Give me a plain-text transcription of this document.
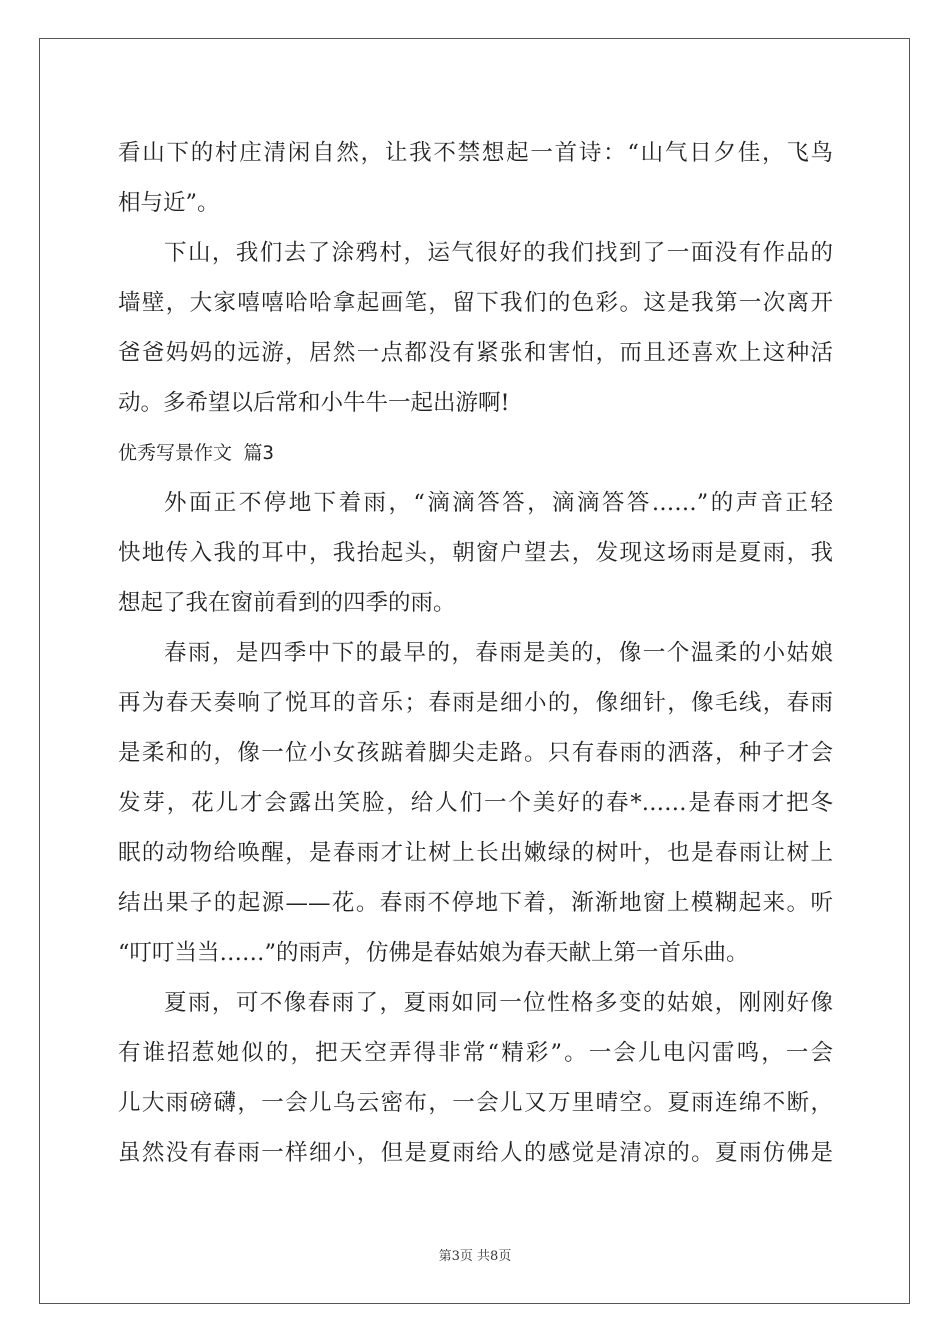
看山下的村庄清闲自然，让我不禁想起一首诗：“山气日夕佳，飞鸟
相与近”。
下山，我们去了涂鸦村，运气很好的我们找到了一面没有作品的
墙壁，大家嘻嘻哈哈拿起画笔，留下我们的色彩。这是我第一次离开
爸爸妈妈的远游，居然一点都没有紧张和害怕，而且还喜欢上这种活
动。多希望以后常和小牛牛一起出游啊!
优秀写景作文 篇3
外面正不停地下着雨，“滴滴答答，滴滴答答……”的声音正轻
快地传入我的耳中，我抬起头，朝窗户望去，发现这场雨是夏雨，我
想起了我在窗前看到的四季的雨。
春雨，是四季中下的最早的，春雨是美的，像一个温柔的小姑娘
再为春天奏响了悦耳的音乐；春雨是细小的，像细针，像毛线，春雨
是柔和的，像一位小女孩踮着脚尖走路。只有春雨的洒落，种子才会
发芽，花儿才会露出笑脸，给人们一个美好的春*……是春雨才把冬
眠的动物给唤醒，是春雨才让树上长出嫩绿的树叶，也是春雨让树上
结出果子的起源——花。春雨不停地下着，渐渐地窗上模糊起来。听
“叮叮当当……”的雨声，仿佛是春姑娘为春天献上第一首乐曲。
夏雨，可不像春雨了，夏雨如同一位性格多变的姑娘，刚刚好像
有谁招惹她似的，把天空弄得非常“精彩”。一会儿电闪雷鸣，一会
儿大雨磅礴，一会儿乌云密布，一会儿又万里晴空。夏雨连绵不断，
虽然没有春雨一样细小，但是夏雨给人的感觉是清凉的。夏雨仿佛是
第3页 共8页
